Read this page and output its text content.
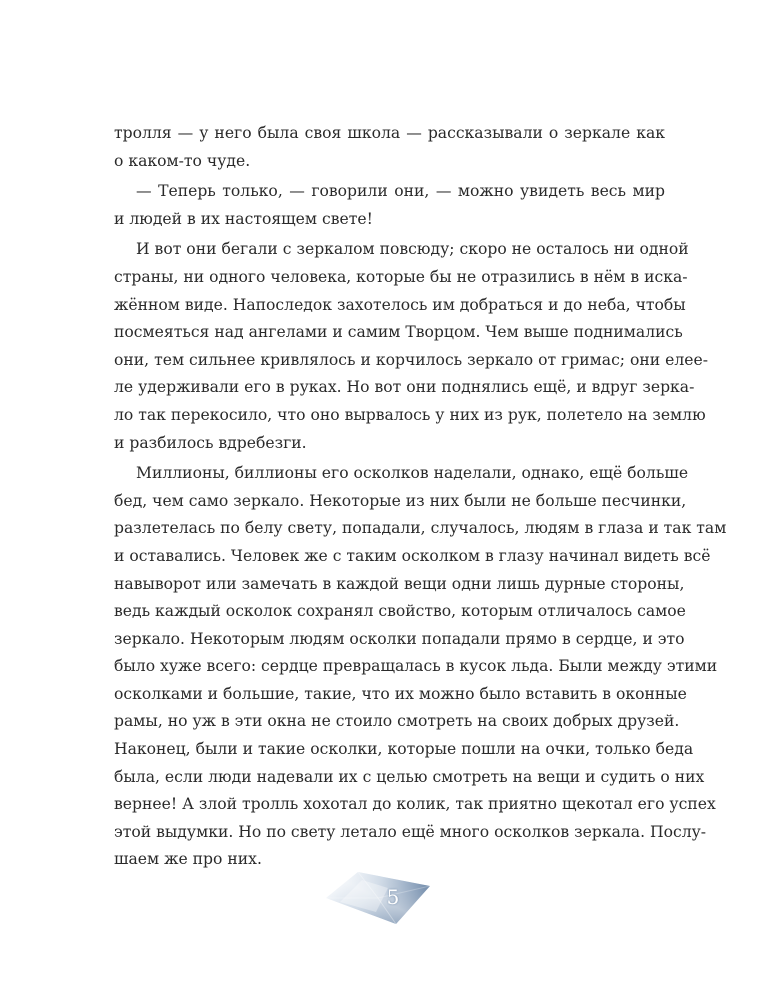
тролля — у него была своя школа — рассказывали о зеркале как
о каком-то чуде.
— Теперь только, — говорили они, — можно увидеть весь мир
и людей в их настоящем свете!
И вот они бегали с зеркалом повсюду; скоро не осталось ни одной
страны, ни одного человека, которые бы не отразились в нём в иска-
жённом виде. Напоследок захотелось им добраться и до неба, чтобы
посмеяться над ангелами и самим Творцом. Чем выше поднимались
они, тем сильнее кривлялось и корчилось зеркало от гримас; они елее-
ле удерживали его в руках. Но вот они поднялись ещё, и вдруг зерка-
ло так перекосило, что оно вырвалось у них из рук, полетело на землю
и разбилось вдребезги.
Миллионы, биллионы его осколков наделали, однако, ещё больше
бед, чем само зеркало. Некоторые из них были не больше песчинки,
разлетелась по белу свету, попадали, случалось, людям в глаза и так там
и оставались. Человек же с таким осколком в глазу начинал видеть всё
навыворот или замечать в каждой вещи одни лишь дурные стороны,
ведь каждый осколок сохранял свойство, которым отличалось самое
зеркало. Некоторым людям осколки попадали прямо в сердце, и это
было хуже всего: сердце превращалась в кусок льда. Были между этими
осколками и большие, такие, что их можно было вставить в оконные
рамы, но уж в эти окна не стоило смотреть на своих добрых друзей.
Наконец, были и такие осколки, которые пошли на очки, только беда
была, если люди надевали их с целью смотреть на вещи и судить о них
вернее! А злой тролль хохотал до колик, так приятно щекотал его успех
этой выдумки. Но по свету летало ещё много осколков зеркала. Послу-
шаем же про них.
5
